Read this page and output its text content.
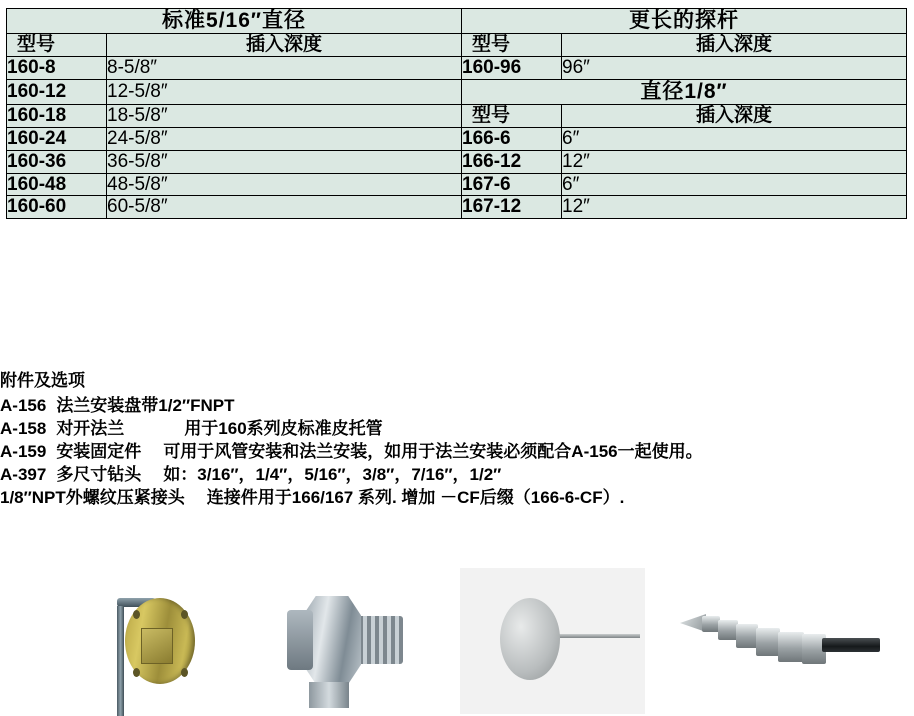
标准5/16″直径		更长的探杆	
型号	插入深度	型号	插入深度
160-8	8-5/8″	160-96	96″
160-12	12-5/8″	直径1/8″	
160-18	18-5/8″	型号	插入深度
160-24	24-5/8″	166-6	6″
160-36	36-5/8″	166-12	12″
160-48	48-5/8″	167-6	6″
160-60	60-5/8″	167-12	12″
附件及选项
A-156 法兰安装盘带1/2″FNPT
A-158 对开法兰	用于160系列皮标准皮托管
A-159 安装固定件 可用于风管安装和法兰安装，如用于法兰安装必须配合A-156一起使用。
A-397 多尺寸钻头 如：3/16″，1/4″，5/16″，3/8″，7/16″，1/2″
1/8″NPT外螺纹压紧接头 连接件用于166/167 系列. 增加 －CF后缀（166-6-CF）.
